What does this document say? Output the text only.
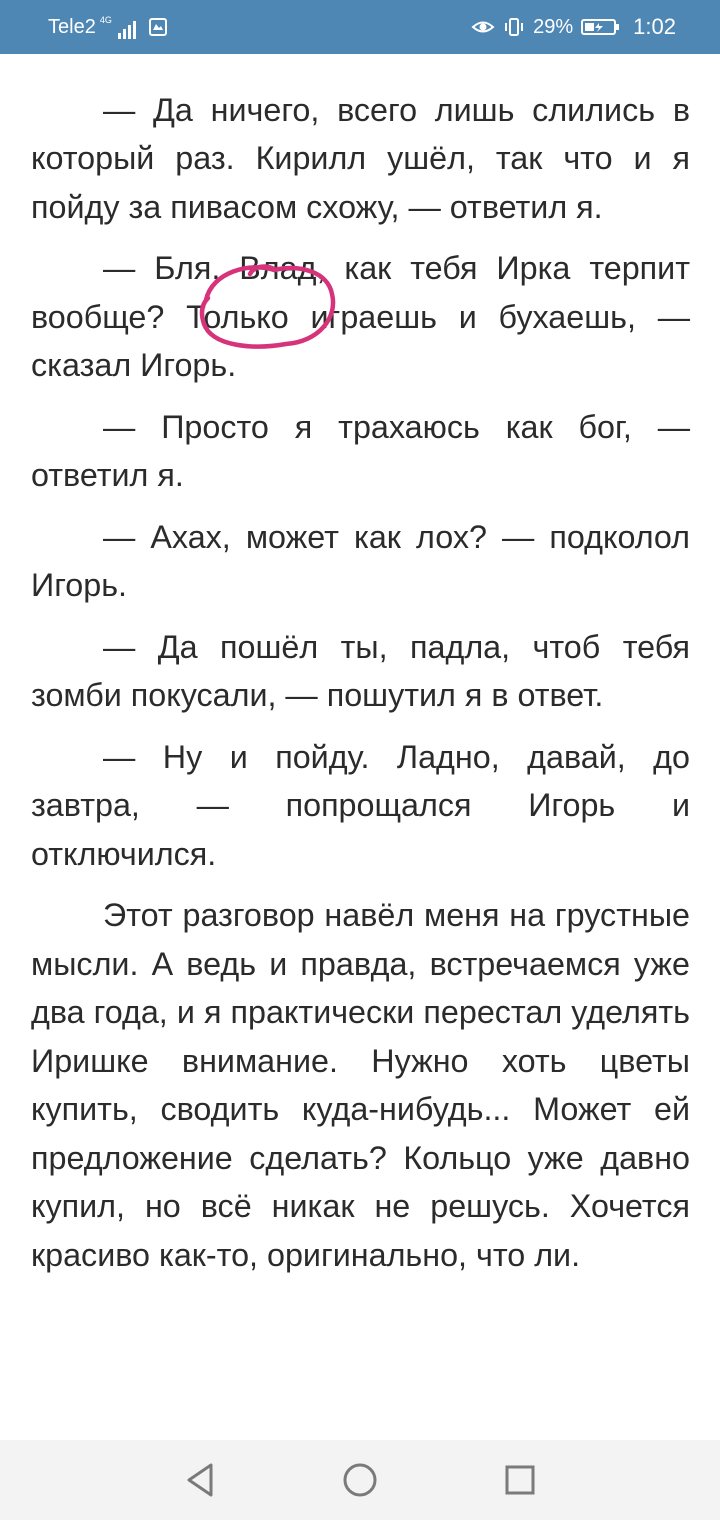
Tele2 4G	29%	1:02

— Да ничего, всего лишь слились в который раз. Кирилл ушёл, так что и я пойду за пивасом схожу, — ответил я.

— Бля, Влад, как тебя Ирка терпит вообще? Только играешь и бухаешь, — сказал Игорь.

— Просто я трахаюсь как бог, — ответил я.

— Ахах, может как лох? — подколол Игорь.

— Да пошёл ты, падла, чтоб тебя зомби покусали, — пошутил я в ответ.

— Ну и пойду. Ладно, давай, до завтра, — попрощался Игорь и отключился.

Этот разговор навёл меня на грустные мысли. А ведь и правда, встречаемся уже два года, и я практически перестал уделять Иришке внимание. Нужно хоть цветы купить, сводить куда-нибудь... Может ей предложение сделать? Кольцо уже давно купил, но всё никак не решусь. Хочется красиво как-то, оригинально, что ли.
